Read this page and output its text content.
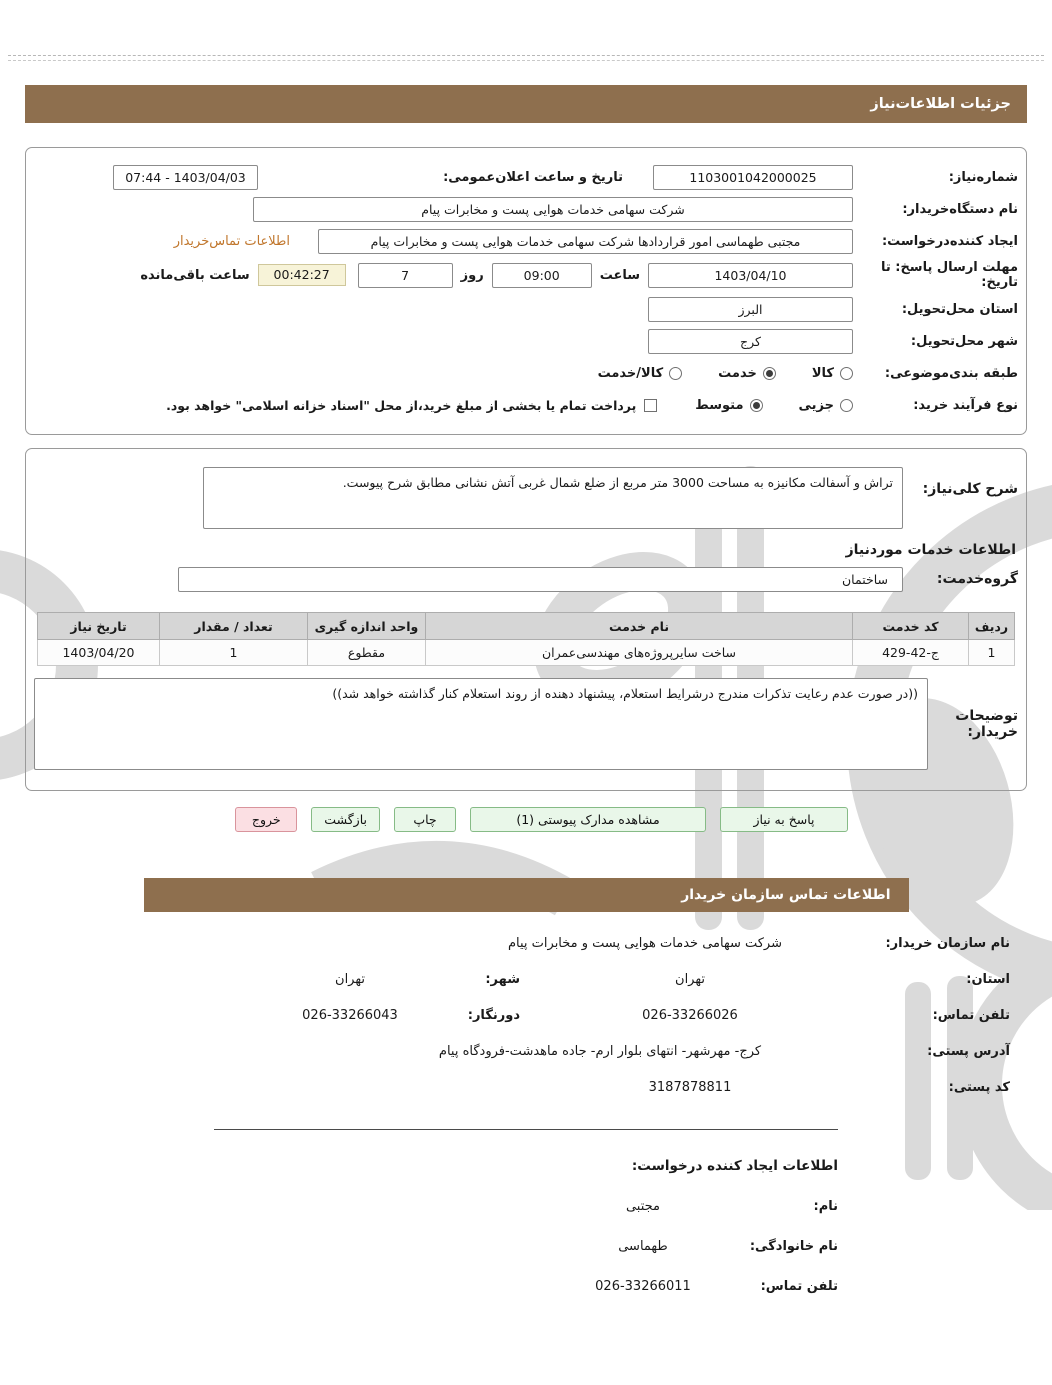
جزئیات اطلاعات‌نیاز
شماره‌نیاز:
1103001042000025
تاریخ و ساعت اعلان‌عمومی:
07:44 - 1403/04/03
نام دستگاه‌خریدار:
شرکت سهامی خدمات هوایی پست و مخابرات پیام
ایجاد کننده‌درخواست:
مجتبی طهماسی امور قراردادها شرکت سهامی خدمات هوایی پست و مخابرات پیام
اطلاعات تماس‌خریدار
مهلت ارسال پاسخ: تا تاریخ:
1403/04/10
ساعت
09:00
روز
7
00:42:27
ساعت باقی‌مانده
استان محل‌تحویل:
البرز
شهر محل‌تحویل:
کرج
طبقه بندی‌موضوعی:
کالا
خدمت
کالا/خدمت
نوع فرآیند خرید:
جزیی
متوسط
پرداخت تمام یا بخشی از مبلغ خرید،از محل "اسناد خزانه اسلامی" خواهد بود.
شرح کلی‌نیاز:
تراش و آسفالت مکانیزه به مساحت 3000 متر مربع از ضلع شمال غربی آتش نشانی مطابق شرح پیوست.
اطلاعات خدمات موردنیاز
گروه‌خدمت:
ساختمان
ردیف	کد خدمت	نام خدمت	واحد اندازه گیری	تعداد / مقدار	تاریخ نیاز
1	ج-42-429	ساخت سایرپروژه‌های مهندسی‌عمران	مقطوع	1	1403/04/20
توضیحات خریدار:
((در صورت عدم رعایت تذکرات مندرج درشرایط استعلام، پیشنهاد دهنده از روند استعلام کنار گذاشته خواهد شد))
پاسخ به نیاز
مشاهده مدارک پیوستی (1)
چاپ
بازگشت
خروج
اطلاعات تماس سازمان خریدار
نام سازمان خریدار:
شرکت سهامی خدمات هوایی پست و مخابرات پیام
استان:
تهران
شهر:
تهران
تلفن تماس:
026-33266026
دورنگار:
026-33266043
آدرس پستی:
کرج- مهرشهر- انتهای بلوار ارم- جاده ماهدشت-فرودگاه پیام
کد پستی:
3187878811
اطلاعات ایجاد کننده درخواست:
نام:
مجتبی
نام خانوادگی:
طهماسی
تلفن تماس:
026-33266011
